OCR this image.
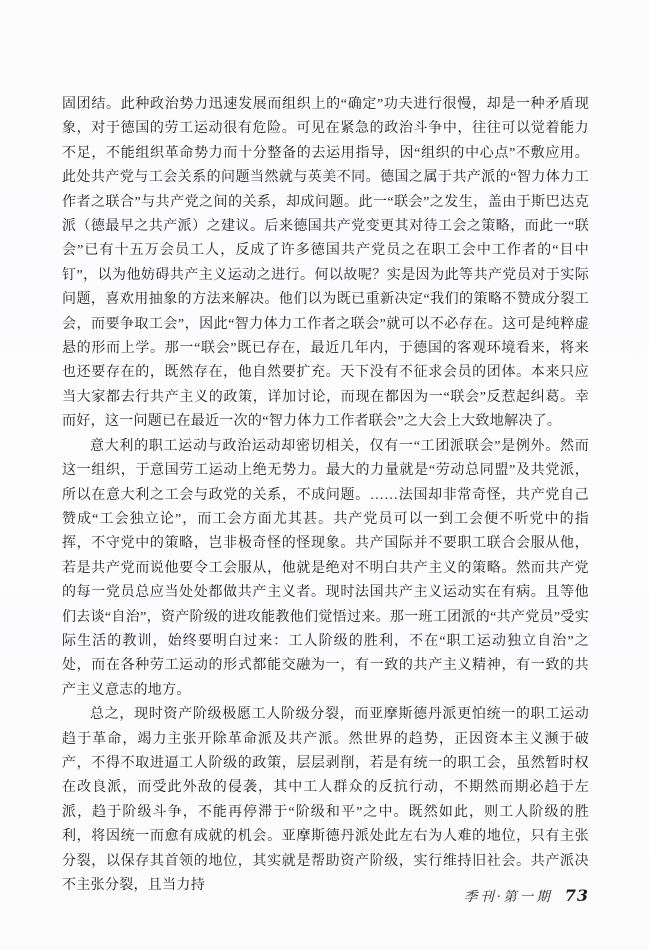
固团结。此种政治势力迅速发展而组织上的“确定”功夫进行很慢，却是一种矛盾现象，对于德国的劳工运动很有危险。可见在紧急的政治斗争中，往往可以觉着能力不足，不能组织革命势力而十分整备的去运用指导，因“组织的中心点”不敷应用。此处共产党与工会关系的问题当然就与英美不同。德国之属于共产派的“智力体力工作者之联合”与共产党之间的关系，却成问题。此一“联会”之发生，盖由于斯巴达克派（德最早之共产派）之建议。后来德国共产党变更其对待工会之策略，而此一“联会”已有十五万会员工人，反成了许多德国共产党员之在职工会中工作者的“目中钉”，以为他妨碍共产主义运动之进行。何以故呢？实是因为此等共产党员对于实际问题，喜欢用抽象的方法来解决。他们以为既已重新决定“我们的策略不赞成分裂工会，而要争取工会”，因此“智力体力工作者之联会”就可以不必存在。这可是纯粹虚悬的形而上学。那一“联会”既已存在，最近几年内，于德国的客观环境看来，将来也还要存在的，既然存在，他自然要扩充。天下没有不征求会员的团体。本来只应当大家都去行共产主义的政策，详加讨论，而现在都因为一“联会”反惹起纠葛。幸而好，这一问题已在最近一次的“智力体力工作者联会”之大会上大致地解决了。

意大利的职工运动与政治运动却密切相关，仅有一“工团派联会”是例外。然而这一组织，于意国劳工运动上绝无势力。最大的力量就是“劳动总同盟”及共党派，所以在意大利之工会与政党的关系，不成问题。……法国却非常奇怪，共产党自己赞成“工会独立论”，而工会方面尤其甚。共产党员可以一到工会便不听党中的指挥，不守党中的策略，岂非极奇怪的怪现象。共产国际并不要职工联合会服从他，若是共产党而说他要令工会服从，他就是绝对不明白共产主义的策略。然而共产党的每一党员总应当处处都做共产主义者。现时法国共产主义运动实在有病。且等他们去谈“自治”，资产阶级的进攻能教他们觉悟过来。那一班工团派的“共产党员”受实际生活的教训，始终要明白过来：工人阶级的胜利，不在“职工运动独立自治”之处，而在各种劳工运动的形式都能交融为一，有一致的共产主义精神，有一致的共产主义意志的地方。

总之，现时资产阶级极愿工人阶级分裂，而亚摩斯德丹派更怕统一的职工运动趋于革命，竭力主张开除革命派及共产派。然世界的趋势，正因资本主义濒于破产，不得不取进逼工人阶级的政策，层层剥削，若是有统一的职工会，虽然暂时权在改良派，而受此外敌的侵袭，其中工人群众的反抗行动，不期然而期必趋于左派，趋于阶级斗争，不能再停滞于“阶级和平”之中。既然如此，则工人阶级的胜利，将因统一而愈有成就的机会。亚摩斯德丹派处此左右为人难的地位，只有主张分裂，以保存其首领的地位，其实就是帮助资产阶级，实行维持旧社会。共产派决不主张分裂，且当力持

季刊·第一期 73
